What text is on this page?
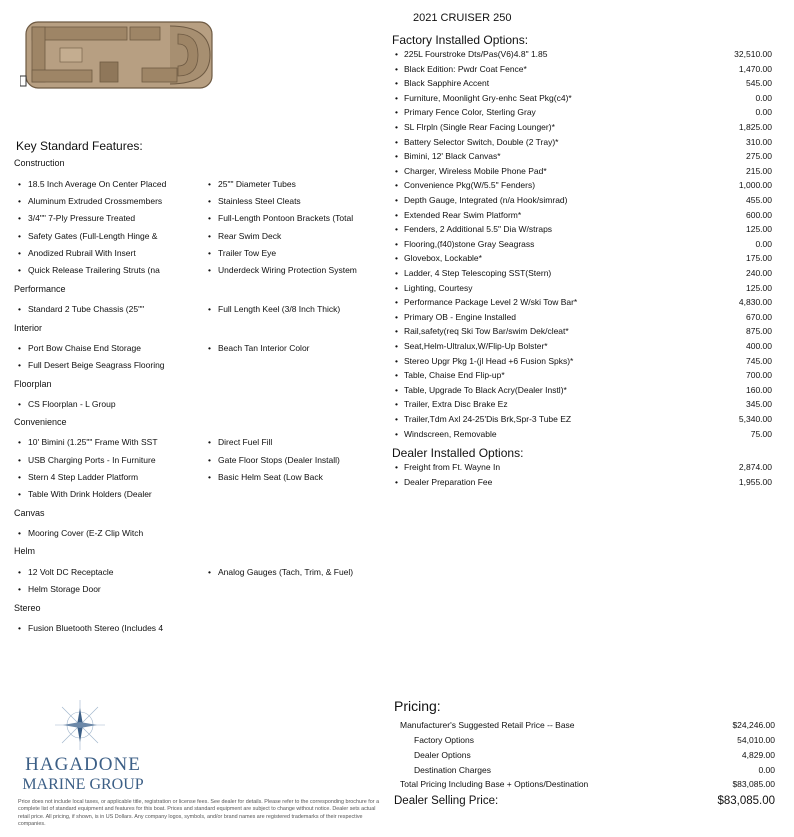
2021 CRUISER 250
Key Standard Features:
Construction
• 18.5 Inch Average On Center Placed	• 25"" Diameter Tubes
• Aluminum Extruded Crossmembers	• Stainless Steel Cleats
• 3/4"" 7-Ply Pressure Treated	• Full-Length Pontoon Brackets (Total
• Safety Gates (Full-Length Hinge &	• Rear Swim Deck
• Anodized Rubrail With Insert	• Trailer Tow Eye
• Quick Release Trailering Struts (na	• Underdeck Wiring Protection System
Performance
• Standard 2 Tube Chassis (25""	• Full Length Keel (3/8 Inch Thick)
Interior
• Port Bow Chaise End Storage	• Beach Tan Interior Color
• Full Desert Beige Seagrass Flooring
Floorplan
• CS Floorplan - L Group
Convenience
• 10' Bimini (1.25"" Frame With SST	• Direct Fuel Fill
• USB Charging Ports - In Furniture	• Gate Floor Stops (Dealer Install)
• Stern 4 Step Ladder Platform	• Basic Helm Seat (Low Back
• Table With Drink Holders (Dealer
Canvas
• Mooring Cover (E-Z Clip Witch
Helm
• 12 Volt DC Receptacle	• Analog Gauges (Tach, Trim, & Fuel)
• Helm Storage Door
Stereo
• Fusion Bluetooth Stereo (Includes 4
Factory Installed Options:
• 225L Fourstroke Dts/Pas(V6)4.8" 1.85	32,510.00
• Black Edition: Pwdr Coat Fence*	1,470.00
• Black Sapphire Accent	545.00
• Furniture, Moonlight Gry-enhc Seat Pkg(c4)*	0.00
• Primary Fence Color, Sterling Gray	0.00
• SL Flrpln (Single Rear Facing Lounger)*	1,825.00
• Battery Selector Switch, Double (2 Tray)*	310.00
• Bimini, 12' Black Canvas*	275.00
• Charger, Wireless Mobile Phone Pad*	215.00
• Convenience Pkg(W/5.5" Fenders)	1,000.00
• Depth Gauge, Integrated (n/a Hook/simrad)	455.00
• Extended Rear Swim Platform*	600.00
• Fenders, 2 Additional 5.5" Dia W/straps	125.00
• Flooring,(f40)stone Gray Seagrass	0.00
• Glovebox, Lockable*	175.00
• Ladder, 4 Step Telescoping SST(Stern)	240.00
• Lighting, Courtesy	125.00
• Performance Package Level 2 W/ski Tow Bar*	4,830.00
• Primary OB - Engine Installed	670.00
• Rail,safety(req Ski Tow Bar/swim Dek/cleat*	875.00
• Seat,Helm-Ultralux,W/Flip-Up Bolster*	400.00
• Stereo Upgr Pkg 1-(jl Head +6 Fusion Spks)*	745.00
• Table, Chaise End Flip-up*	700.00
• Table, Upgrade To Black Acry(Dealer Instl)*	160.00
• Trailer, Extra Disc Brake Ez	345.00
• Trailer,Tdm Axl 24-25'Dis Brk,Spr-3 Tube EZ	5,340.00
• Windscreen, Removable	75.00
Dealer Installed Options:
• Freight from Ft. Wayne In	2,874.00
• Dealer Preparation Fee	1,955.00
HAGADONE
MARINE GROUP
Price does not include local taxes, or applicable title, registration or license fees. See dealer for details. Please refer to the corresponding brochure for a complete list of standard equipment and features for this boat. Prices and standard equipment are subject to change without notice. Dealer sets actual retail price. All pricing, if shown, is in US Dollars. Any company logos, symbols, and/or brand names are registered trademarks of their respective companies.
Pricing:
Manufacturer's Suggested Retail Price -- Base	$24,246.00
Factory Options	54,010.00
Dealer Options	4,829.00
Destination Charges	0.00
Total Pricing Including Base + Options/Destination	$83,085.00
Dealer Selling Price:	$83,085.00
